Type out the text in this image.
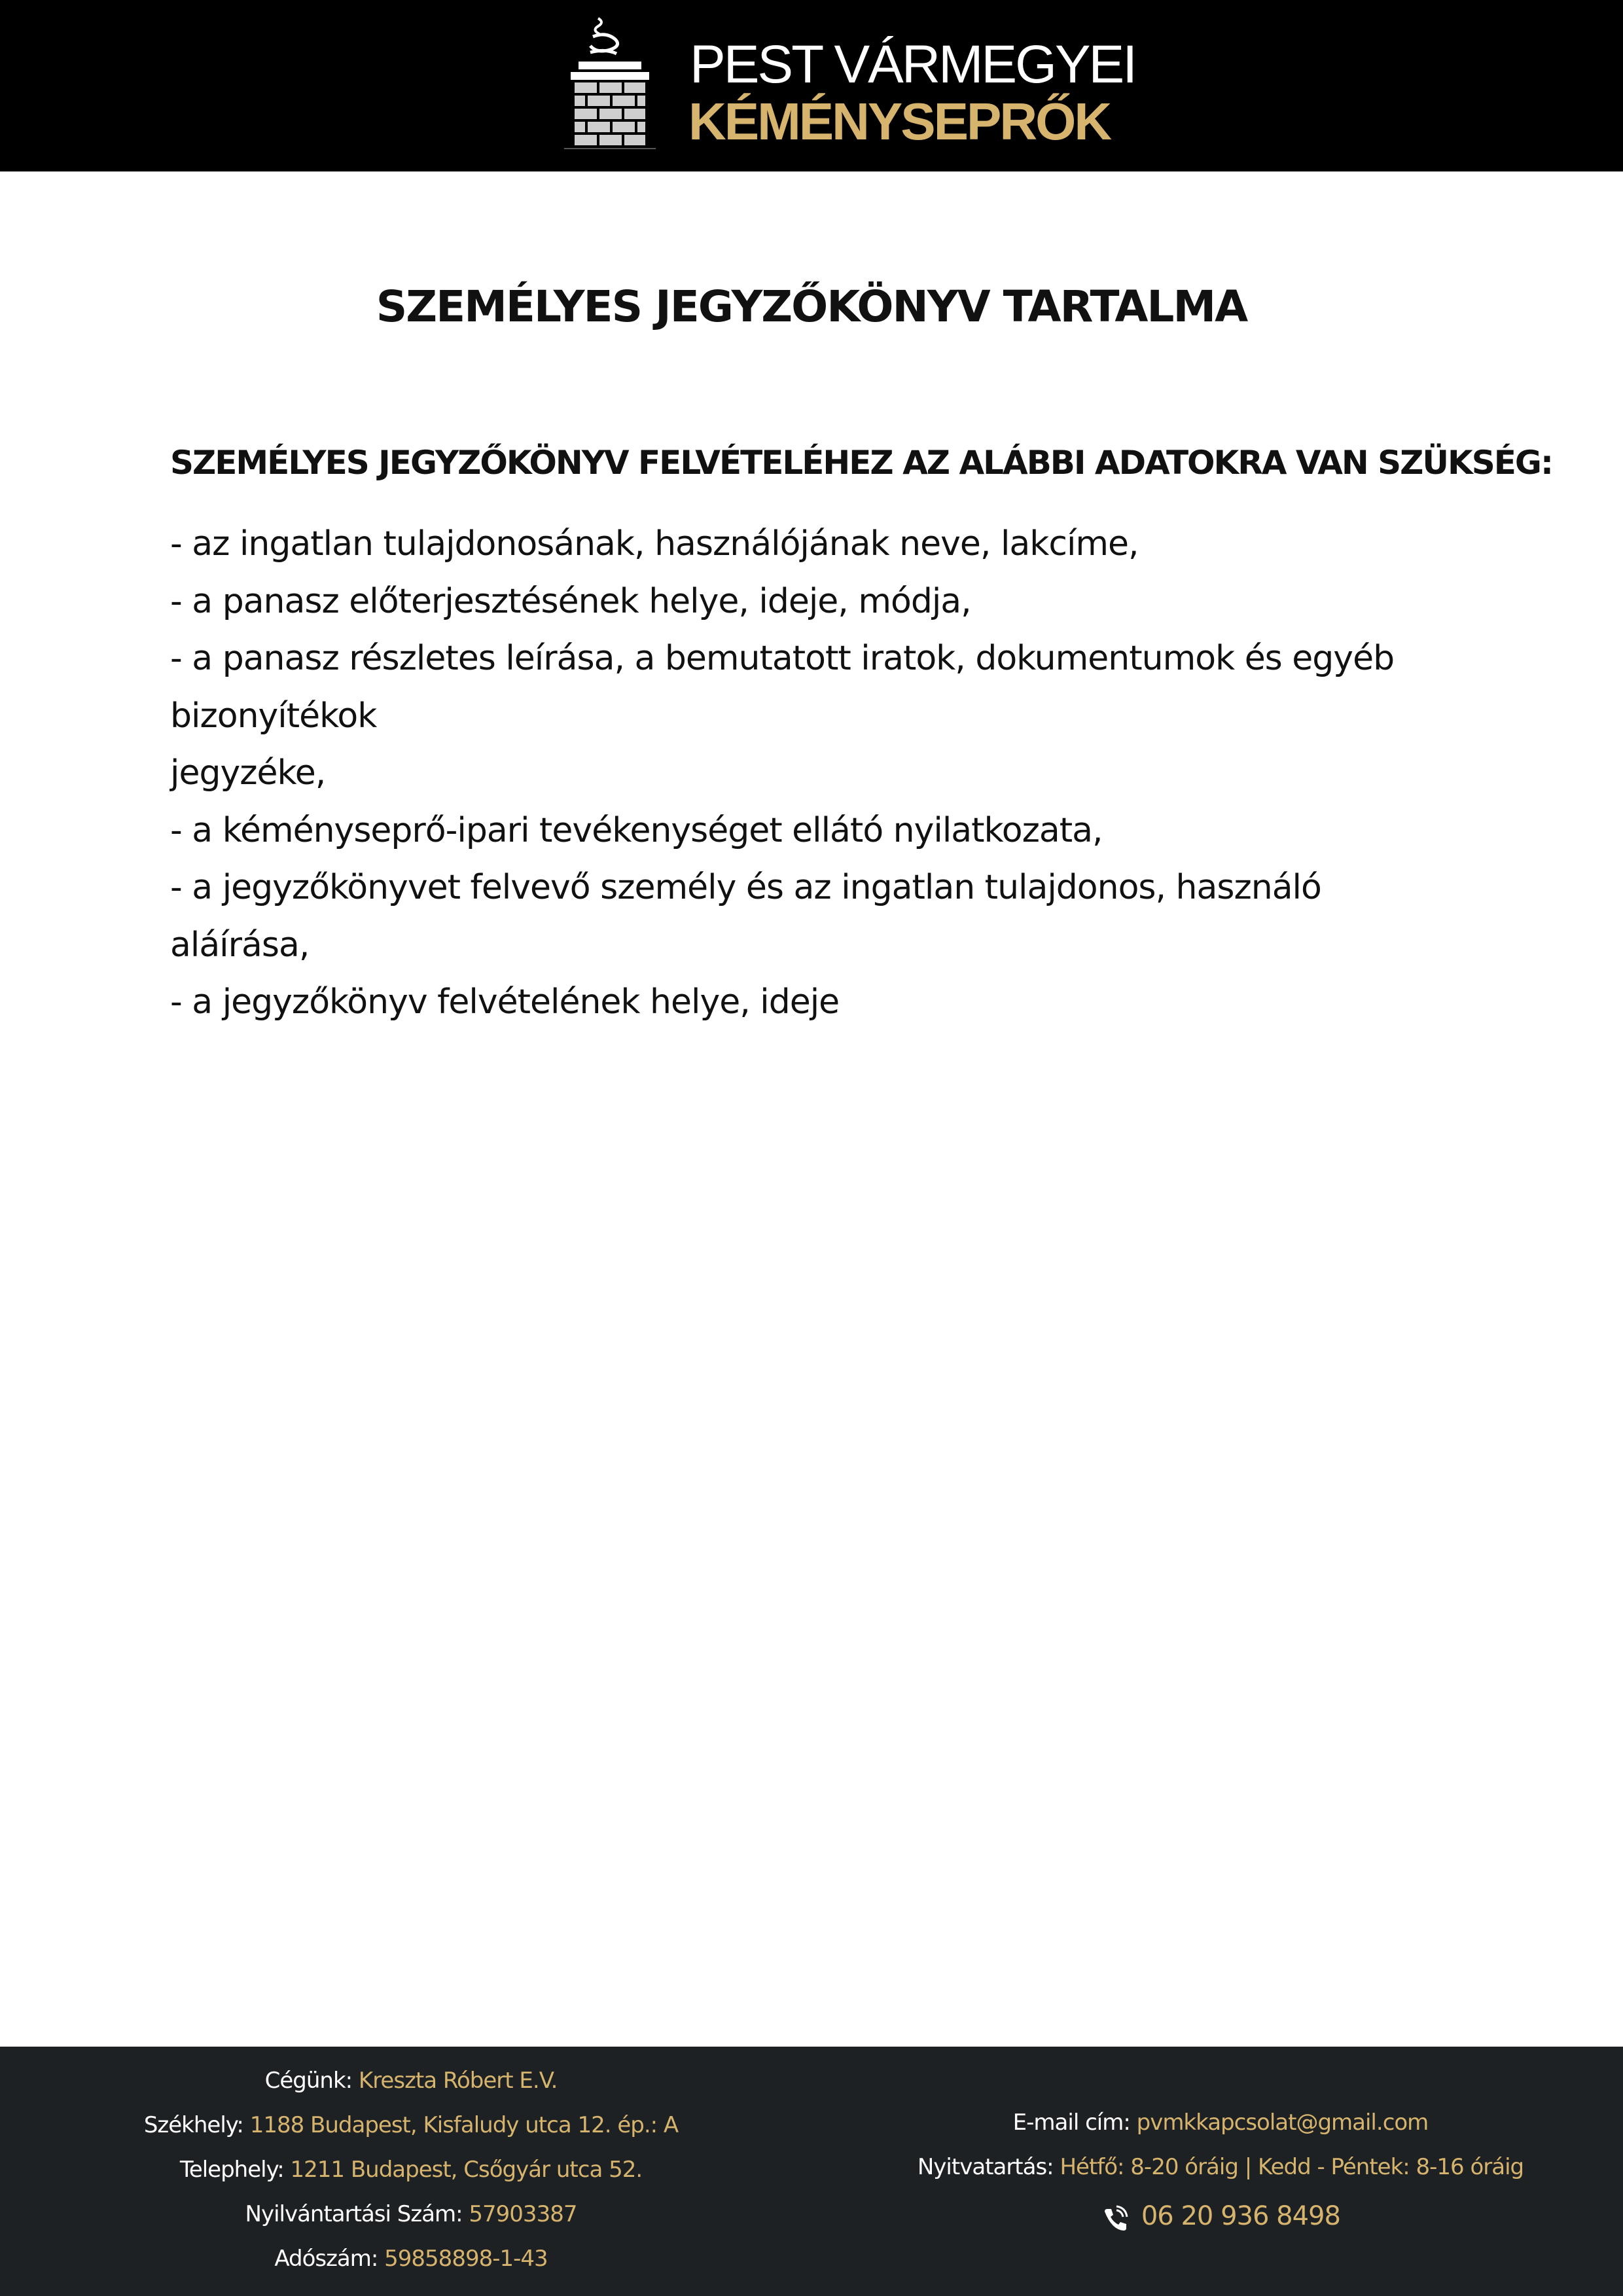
PEST VÁRMEGYEI
KÉMÉNYSEPRŐK
SZEMÉLYES JEGYZŐKÖNYV TARTALMA
SZEMÉLYES JEGYZŐKÖNYV FELVÉTELÉHEZ AZ ALÁBBI ADATOKRA VAN SZÜKSÉG:
- az ingatlan tulajdonosának, használójának neve, lakcíme,
- a panasz előterjesztésének helye, ideje, módja,
- a panasz részletes leírása, a bemutatott iratok, dokumentumok és egyéb bizonyítékok
jegyzéke,
- a kéményseprő-ipari tevékenységet ellátó nyilatkozata,
- a jegyzőkönyvet felvevő személy és az ingatlan tulajdonos, használó aláírása,
- a jegyzőkönyv felvételének helye, ideje
Cégünk: Kreszta Róbert E.V.
Székhely: 1188 Budapest, Kisfaludy utca 12. ép.: A
Telephely: 1211 Budapest, Csőgyár utca 52.
Nyilvántartási Szám: 57903387
Adószám: 59858898-1-43
E-mail cím: pvmkkapcsolat@gmail.com
Nyitvatartás: Hétfő: 8-20 óráig | Kedd - Péntek: 8-16 óráig
06 20 936 8498
